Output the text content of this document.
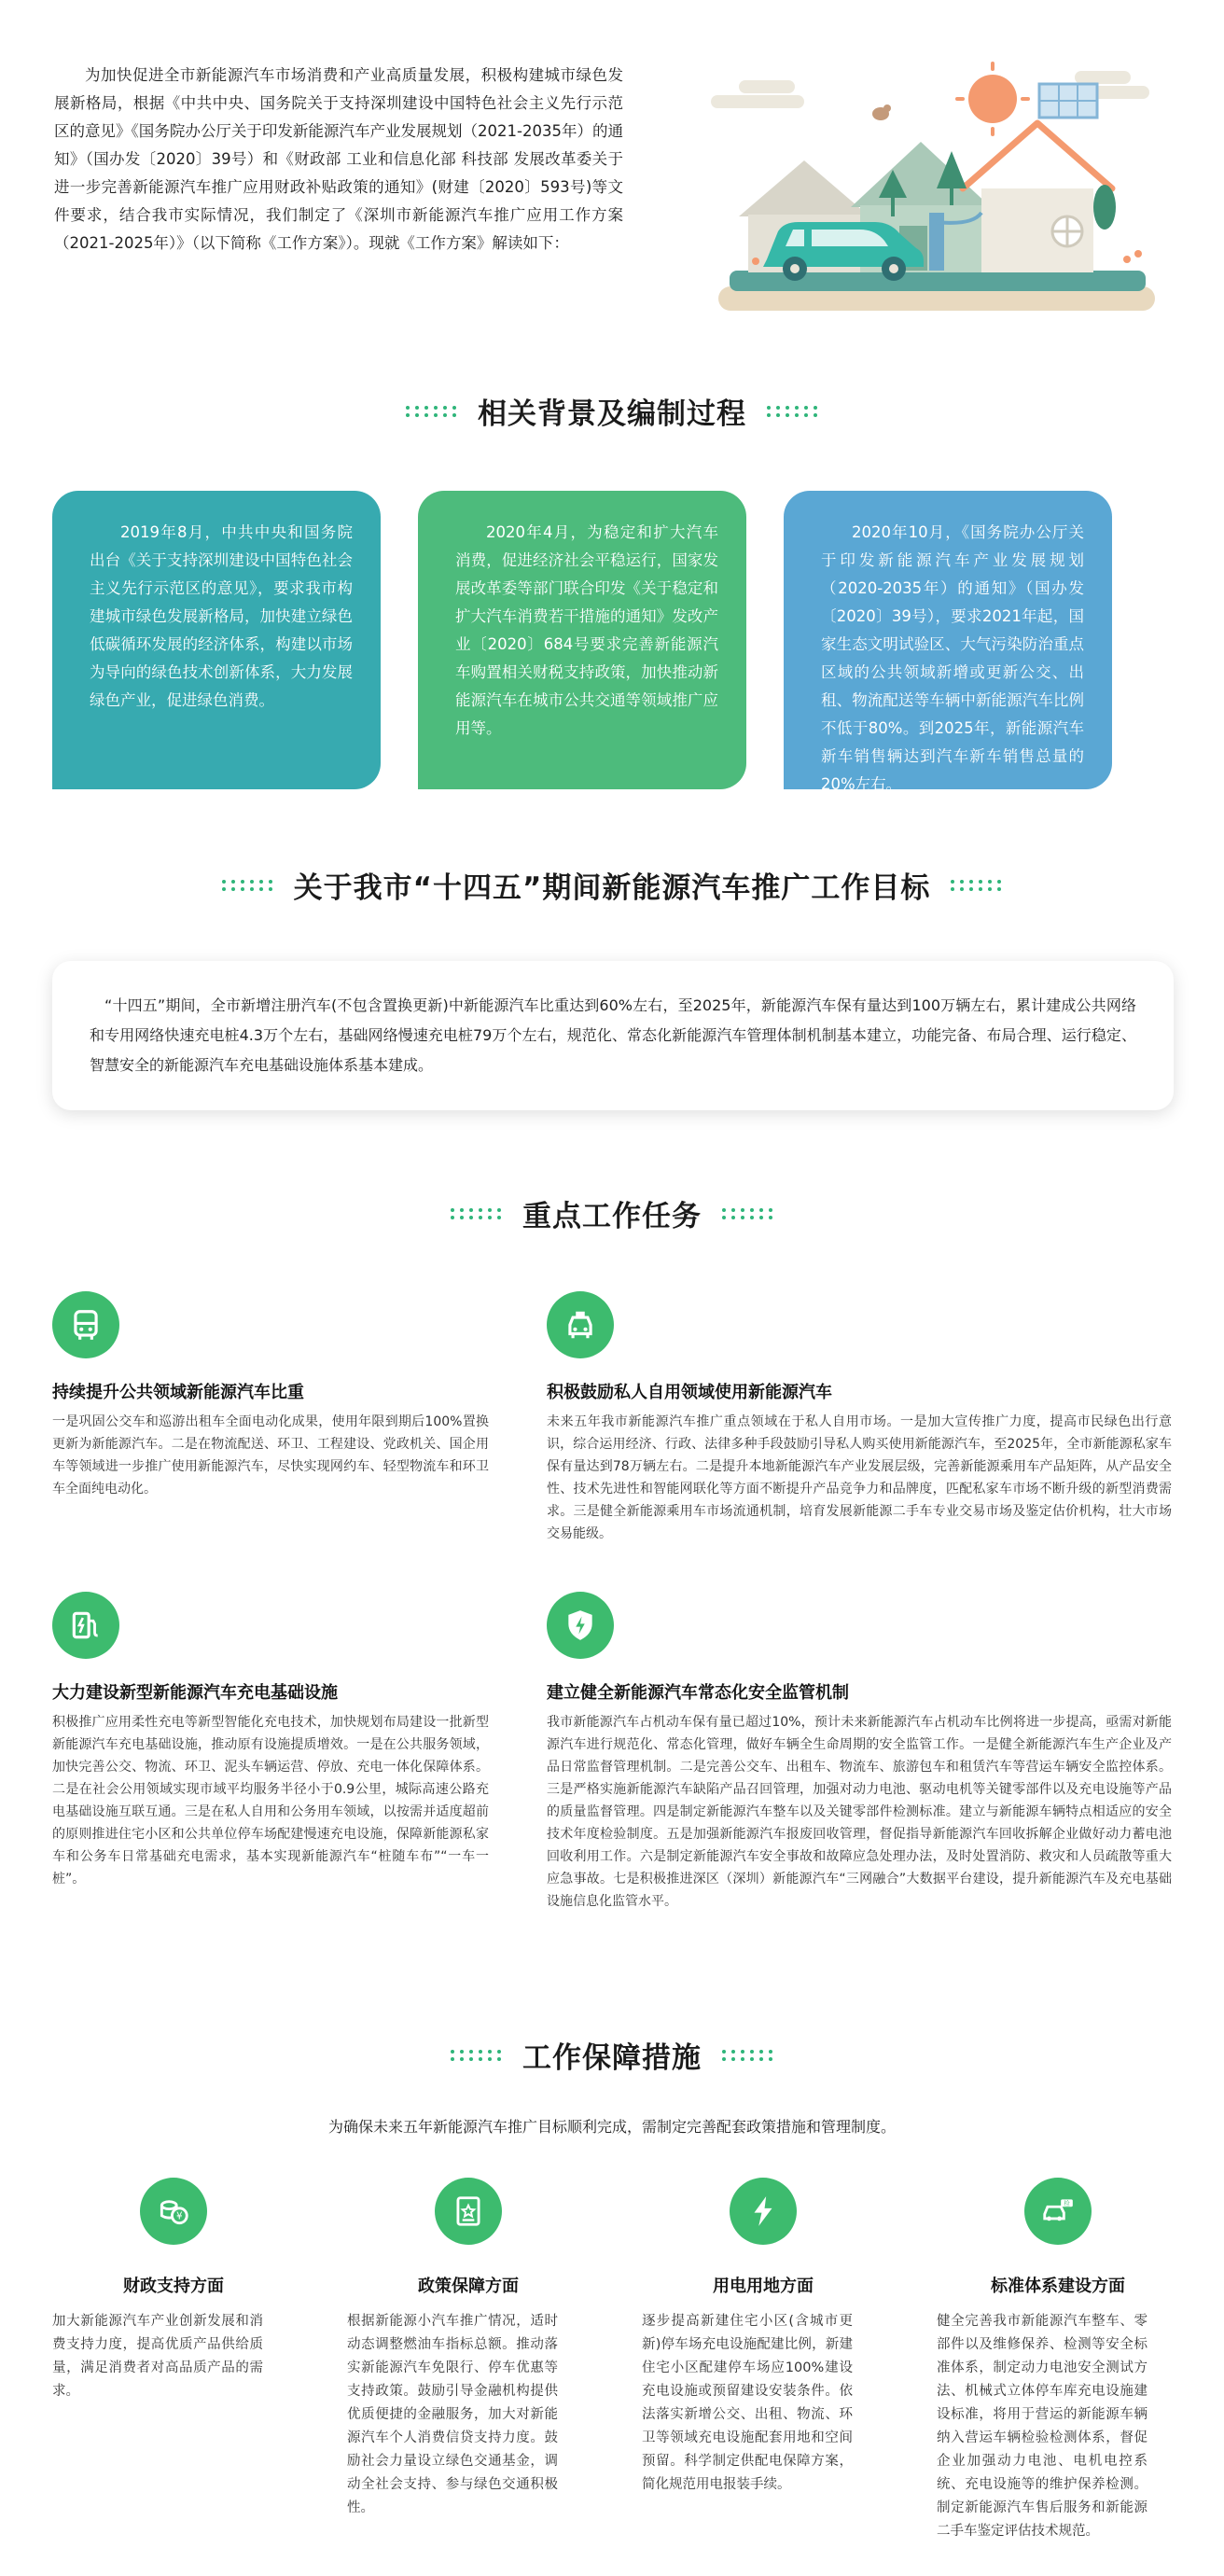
为加快促进全市新能源汽车市场消费和产业高质量发展，积极构建城市绿色发展新格局，根据《中共中央、国务院关于支持深圳建设中国特色社会主义先行示范区的意见》《国务院办公厅关于印发新能源汽车产业发展规划（2021-2035年）的通知》（国办发〔2020〕39号）和《财政部 工业和信息化部 科技部 发展改革委关于进一步完善新能源汽车推广应用财政补贴政策的通知》(财建〔2020〕593号)等文件要求，结合我市实际情况，我们制定了《深圳市新能源汽车推广应用工作方案（2021-2025年）》（以下简称《工作方案》）。现就《工作方案》解读如下：

相关背景及编制过程
2019年8月，中共中央和国务院出台《关于支持深圳建设中国特色社会主义先行示范区的意见》，要求我市构建城市绿色发展新格局，加快建立绿色低碳循环发展的经济体系，构建以市场为导向的绿色技术创新体系，大力发展绿色产业，促进绿色消费。
2020年4月，为稳定和扩大汽车消费，促进经济社会平稳运行，国家发展改革委等部门联合印发《关于稳定和扩大汽车消费若干措施的通知》发改产业〔2020〕684号要求完善新能源汽车购置相关财税支持政策，加快推动新能源汽车在城市公共交通等领域推广应用等。
2020年10月，《国务院办公厅关于印发新能源汽车产业发展规划（2020-2035年）的通知》（国办发〔2020〕39号），要求2021年起，国家生态文明试验区、大气污染防治重点区域的公共领域新增或更新公交、出租、物流配送等车辆中新能源汽车比例不低于80%。到2025年，新能源汽车新车销售辆达到汽车新车销售总量的20%左右。
关于我市“十四五”期间新能源汽车推广工作目标
“十四五”期间，全市新增注册汽车(不包含置换更新)中新能源汽车比重达到60%左右，至2025年，新能源汽车保有量达到100万辆左右，累计建成公共网络和专用网络快速充电桩4.3万个左右，基础网络慢速充电桩79万个左右，规范化、常态化新能源汽车管理体制机制基本建立，功能完备、布局合理、运行稳定、智慧安全的新能源汽车充电基础设施体系基本建成。
重点工作任务
持续提升公共领域新能源汽车比重
一是巩固公交车和巡游出租车全面电动化成果，使用年限到期后100%置换更新为新能源汽车。二是在物流配送、环卫、工程建设、党政机关、国企用车等领域进一步推广使用新能源汽车，尽快实现网约车、轻型物流车和环卫车全面纯电动化。
积极鼓励私人自用领域使用新能源汽车
未来五年我市新能源汽车推广重点领域在于私人自用市场。一是加大宣传推广力度，提高市民绿色出行意识，综合运用经济、行政、法律多种手段鼓励引导私人购买使用新能源汽车，至2025年，全市新能源私家车保有量达到78万辆左右。二是提升本地新能源汽车产业发展层级，完善新能源乘用车产品矩阵，从产品安全性、技术先进性和智能网联化等方面不断提升产品竞争力和品牌度，匹配私家车市场不断升级的新型消费需求。三是健全新能源乘用车市场流通机制，培育发展新能源二手车专业交易市场及鉴定估价机构，壮大市场交易能级。
大力建设新型新能源汽车充电基础设施
积极推广应用柔性充电等新型智能化充电技术，加快规划布局建设一批新型新能源汽车充电基础设施，推动原有设施提质增效。一是在公共服务领域，加快完善公交、物流、环卫、泥头车辆运营、停放、充电一体化保障体系。二是在社会公用领域实现市域平均服务半径小于0.9公里，城际高速公路充电基础设施互联互通。三是在私人自用和公务用车领域，以按需并适度超前的原则推进住宅小区和公共单位停车场配建慢速充电设施，保障新能源私家车和公务车日常基础充电需求，基本实现新能源汽车“桩随车布”“一车一桩”。
建立健全新能源汽车常态化安全监管机制
我市新能源汽车占机动车保有量已超过10%，预计未来新能源汽车占机动车比例将进一步提高，亟需对新能源汽车进行规范化、常态化管理，做好车辆全生命周期的安全监管工作。一是健全新能源汽车生产企业及产品日常监督管理机制。二是完善公交车、出租车、物流车、旅游包车和租赁汽车等营运车辆安全监控体系。三是严格实施新能源汽车缺陷产品召回管理，加强对动力电池、驱动电机等关键零部件以及充电设施等产品的质量监督管理。四是制定新能源汽车整车以及关键零部件检测标准。建立与新能源车辆特点相适应的安全技术年度检验制度。五是加强新能源汽车报废回收管理，督促指导新能源汽车回收拆解企业做好动力蓄电池回收利用工作。六是制定新能源汽车安全事故和故障应急处理办法，及时处置消防、救灾和人员疏散等重大应急事故。七是积极推进深区（深圳）新能源汽车“三网融合”大数据平台建设，提升新能源汽车及充电基础设施信息化监管水平。
工作保障措施

为确保未来五年新能源汽车推广目标顺利完成，需制定完善配套政策措施和管理制度。

¥
财政支持方面
加大新能源汽车产业创新发展和消费支持力度，提高优质产品供给质量，满足消费者对高品质产品的需求。
政策保障方面
根据新能源小汽车推广情况，适时动态调整燃油车指标总额。推动落实新能源汽车免限行、停车优惠等支持政策。鼓励引导金融机构提供优质便捷的金融服务，加大对新能源汽车个人消费信贷支持力度。鼓励社会力量设立绿色交通基金，调动全社会支持、参与绿色交通积极性。
用电用地方面
逐步提高新建住宅小区(含城市更新)停车场充电设施配建比例，新建住宅小区配建停车场应100%建设充电设施或预留建设安装条件。依法落实新增公交、出租、物流、环卫等领域充电设施配套用地和空间预留。科学制定供配电保障方案，简化规范用电报装手续。
检
标准体系建设方面
健全完善我市新能源汽车整车、零部件以及维修保养、检测等安全标准体系，制定动力电池安全测试方法、机械式立体停车库充电设施建设标准，将用于营运的新能源车辆纳入营运车辆检验检测体系，督促企业加强动力电池、电机电控系统、充电设施等的维护保养检测。制定新能源汽车售后服务和新能源二手车鉴定评估技术规范。
